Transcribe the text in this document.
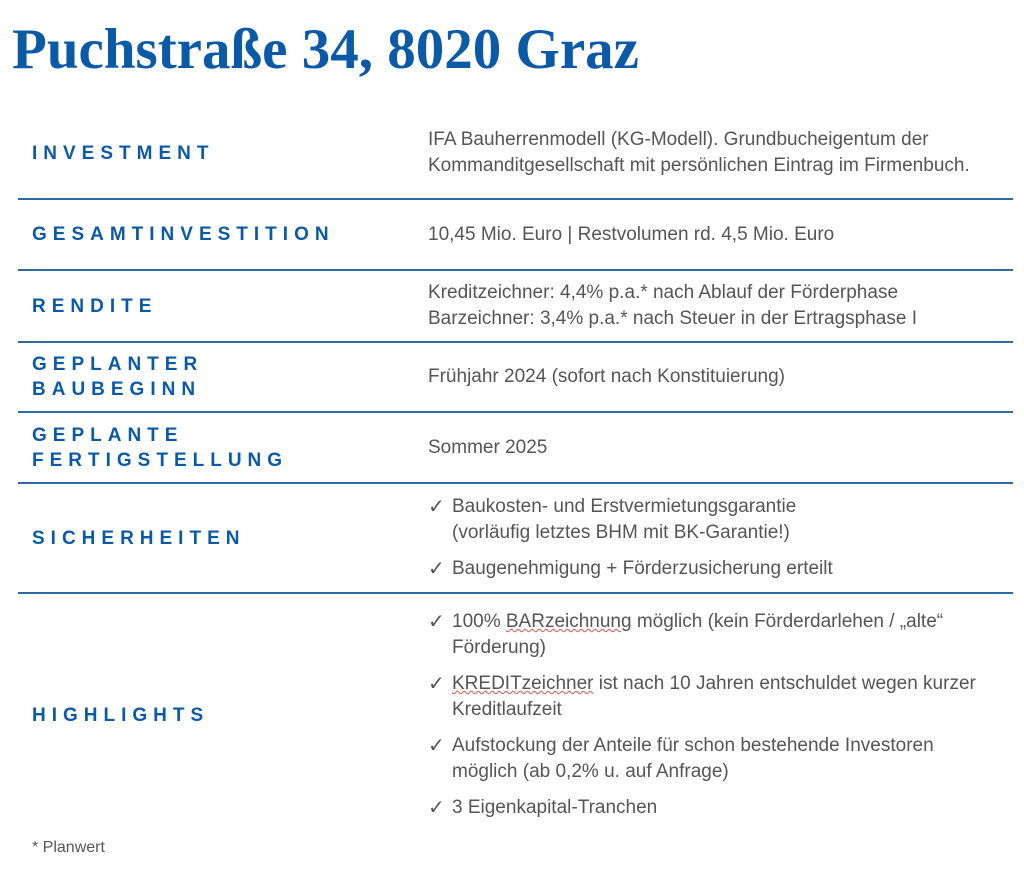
Puchstraße 34, 8020 Graz
INVESTMENT
IFA Bauherrenmodell (KG-Modell). Grundbucheigentum der Kommanditgesellschaft mit persönlichen Eintrag im Firmenbuch.
GESAMTINVESTITION	10,45 Mio. Euro | Restvolumen rd. 4,5 Mio. Euro
RENDITE

Kreditzeichner: 4,4% p.a.* nach Ablauf der Förderphase

Barzeichner: 3,4% p.a.* nach Steuer in der Ertragsphase I

GEPLANTER BAUBEGINN
Frühjahr 2024 (sofort nach Konstituierung)
GEPLANTE FERTIGSTELLUNG
Sommer 2025
SICHERHEITEN
✓ Baukosten- und Erstvermietungsgarantie
(vorläufig letztes BHM mit BK-Garantie!)
✓ Baugenehmigung + Förderzusicherung erteilt
HIGHLIGHTS
✓ 100% BARzeichnung möglich (kein Förderdarlehen / „alte“ Förderung)
✓ KREDITzeichner ist nach 10 Jahren entschuldet wegen kurzer Kreditlaufzeit
✓ Aufstockung der Anteile für schon bestehende Investoren möglich (ab 0,2% u. auf Anfrage)
✓ 3 Eigenkapital-Tranchen
* Planwert
